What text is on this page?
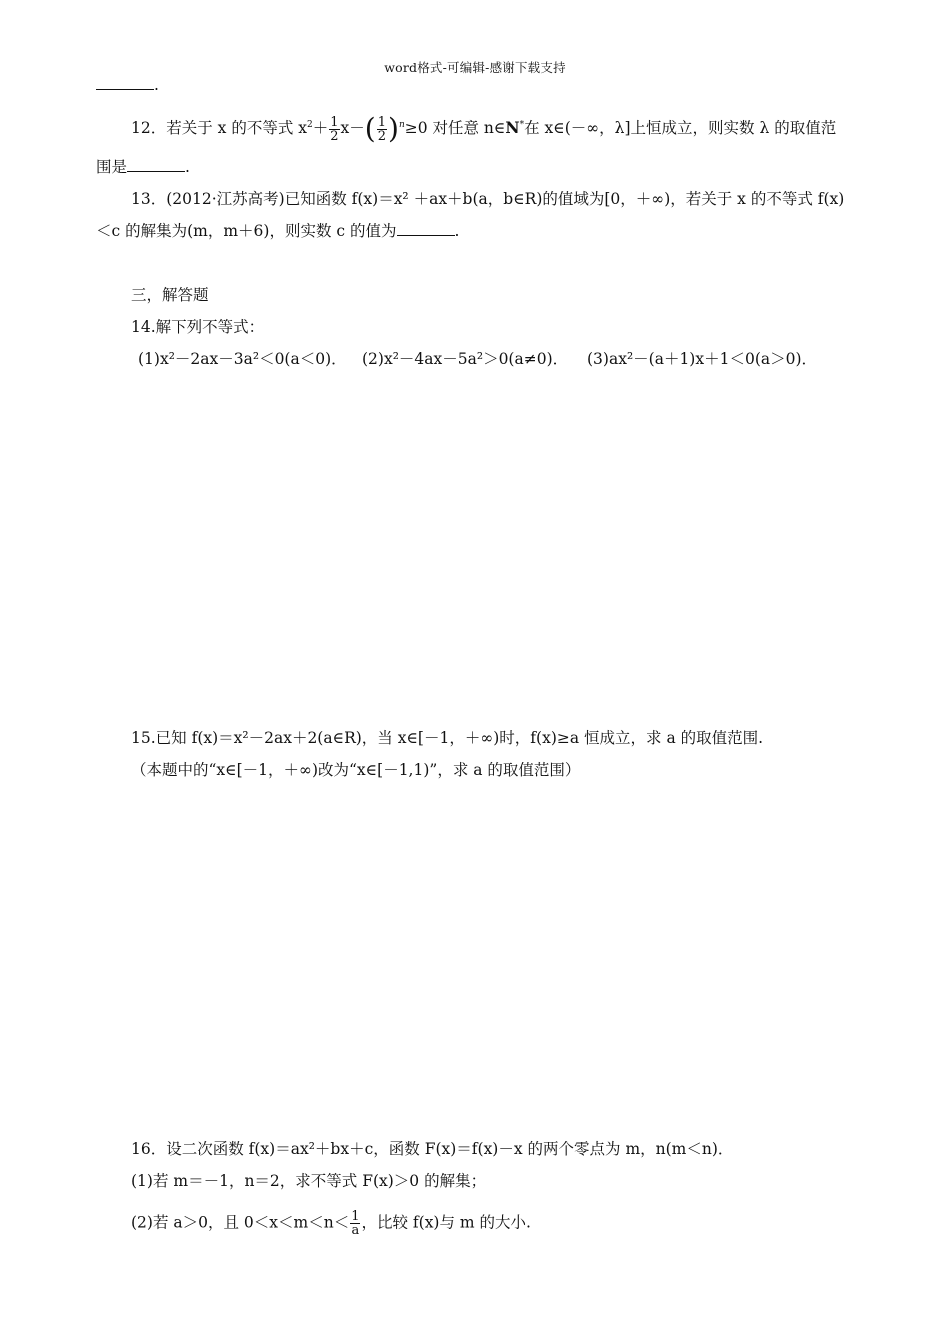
word格式-可编辑-感谢下载支持
.
12．若关于 x 的不等式 $x^2+ \frac{1}{2} x-( \frac{1}{2} )^n\ge 0$ 对任意 n∈N*在 x∈(－∞，λ]上恒成立，则实数 λ 的取值范
围是	.
13．(2012·江苏高考)已知函数 f(x)＝x² ＋ax＋b(a，b∈R)的值域为[0，＋∞)，若关于 x 的不等式 f(x)
＜c 的解集为(m，m＋6)，则实数 c 的值为	.
三，解答题
14.解下列不等式：
(1)x²－2ax－3a²＜0(a＜0)． (2)x²－4ax－5a²＞0(a≠0)． (3)ax²－(a＋1)x＋1＜0(a＞0)．
15.已知 f(x)＝x²－2ax＋2(a∈R)，当 x∈[－1，＋∞)时，f(x)≥a 恒成立，求 a 的取值范围.
（本题中的“x∈[－1，＋∞)改为“x∈[－1,1)”，求 a 的取值范围）
16．设二次函数 f(x)＝ax²＋bx＋c，函数 F(x)＝f(x)－x 的两个零点为 m，n(m＜n)．
(1)若 m＝－1，n＝2，求不等式 F(x)＞0 的解集；
(2)若 a＞0，且 $0<x<m<n< \frac{1}{a}$ ，比较 f(x)与 m 的大小.
